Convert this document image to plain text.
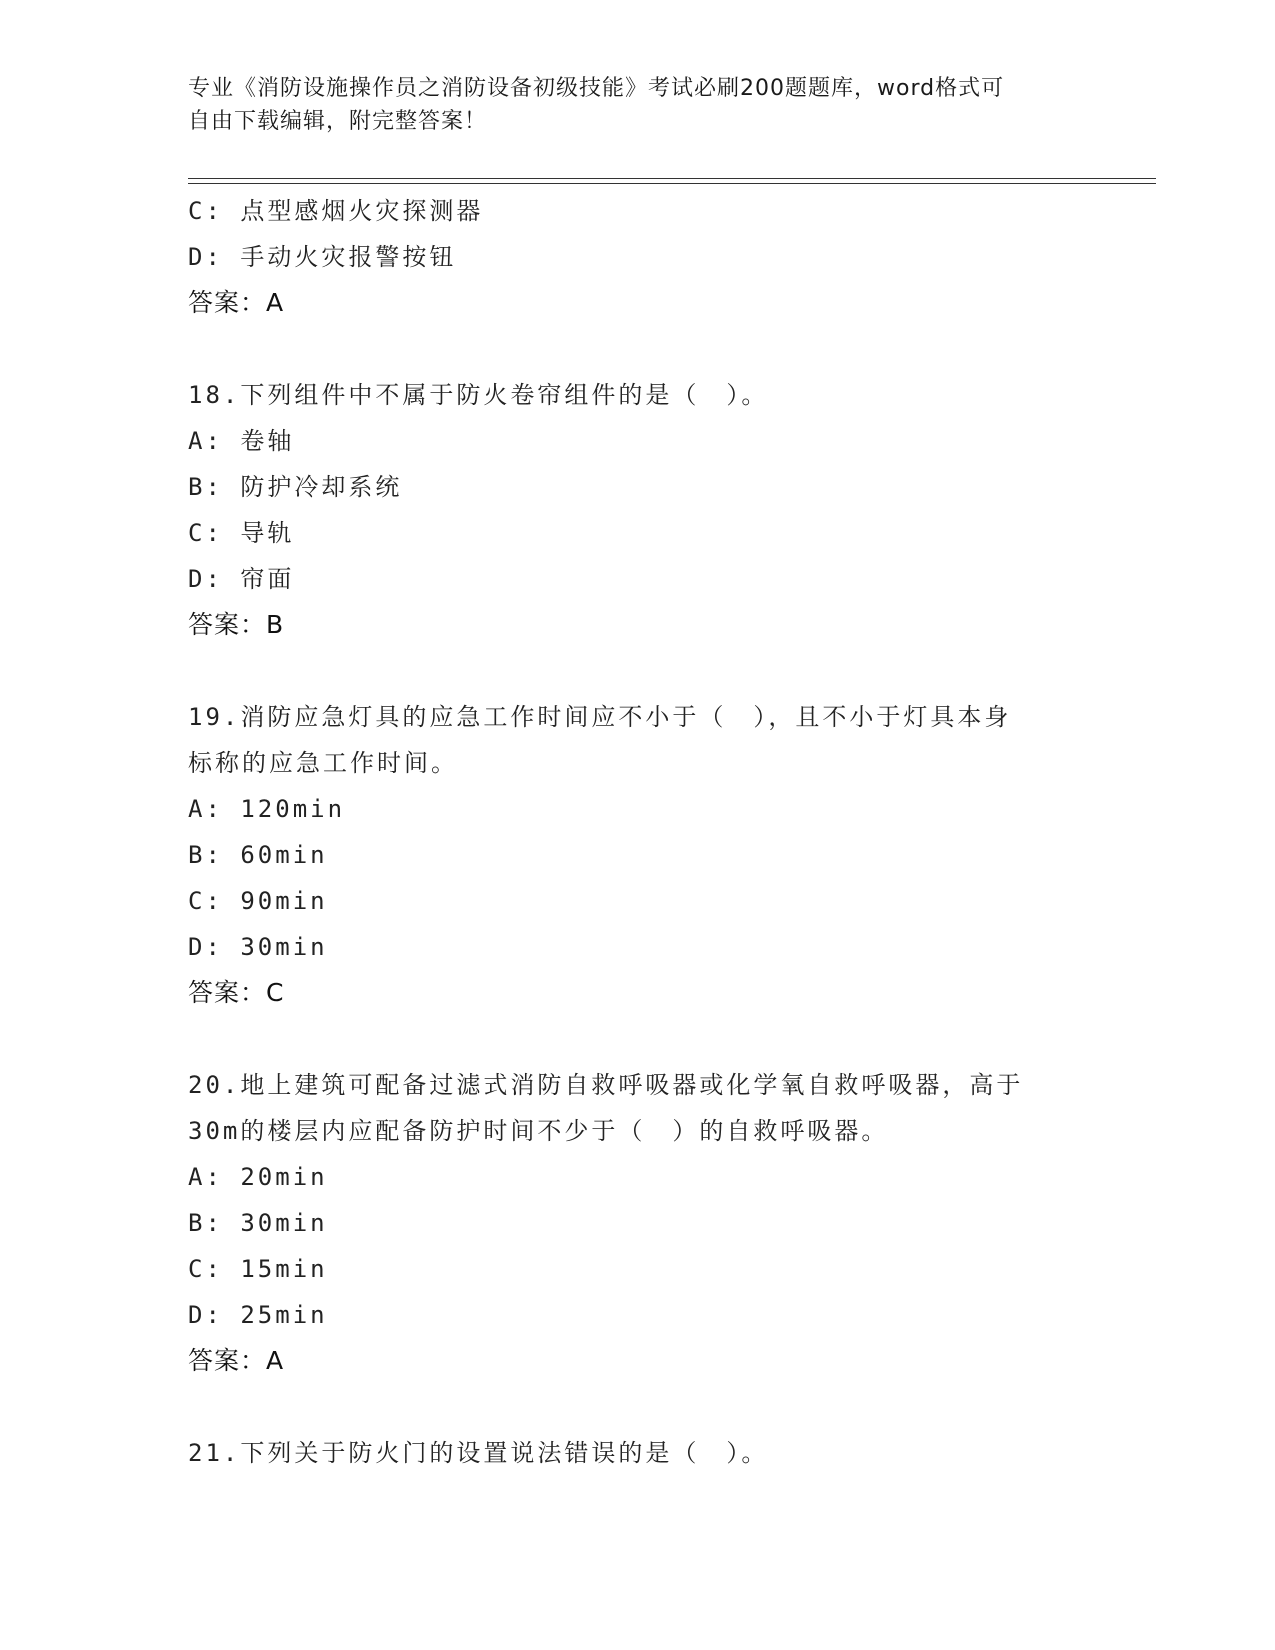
专业《消防设施操作员之消防设备初级技能》考试必刷200题题库，word格式可
自由下载编辑，附完整答案！
C: 点型感烟火灾探测器
D: 手动火灾报警按钮
答案：A
18.下列组件中不属于防火卷帘组件的是（　）。
A: 卷轴
B: 防护冷却系统
C: 导轨
D: 帘面
答案：B
19.消防应急灯具的应急工作时间应不小于（　），且不小于灯具本身
标称的应急工作时间。
A: 120min
B: 60min
C: 90min
D: 30min
答案：C
20.地上建筑可配备过滤式消防自救呼吸器或化学氧自救呼吸器，高于
30m的楼层内应配备防护时间不少于（　）的自救呼吸器。
A: 20min
B: 30min
C: 15min
D: 25min
答案：A
21.下列关于防火门的设置说法错误的是（　）。
